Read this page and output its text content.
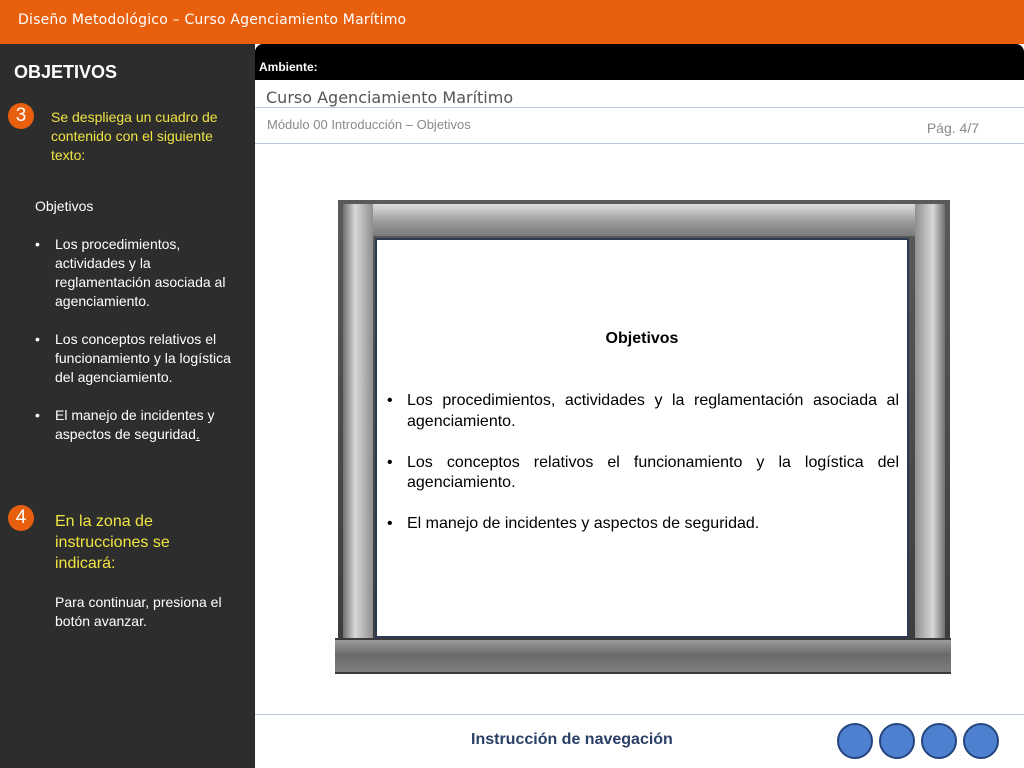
Diseño Metodológico – Curso Agenciamiento Marítimo
OBJETIVOS
3	Se despliega un cuadro de contenido con el siguiente texto:
Objetivos
• Los procedimientos, actividades y la reglamentación asociada al agenciamiento.
• Los conceptos relativos el funcionamiento y la logística del agenciamiento.
• El manejo de incidentes y aspectos de seguridad.
4	En la zona de instrucciones se indicará:
Para continuar, presiona el botón avanzar.
Ambiente:
Curso Agenciamiento Marítimo
Módulo 00 Introducción – Objetivos	Pág. 4/7
Objetivos
• Los procedimientos, actividades y la reglamentación asociada al agenciamiento.
• Los conceptos relativos el funcionamiento y la logística del agenciamiento.
• El manejo de incidentes y aspectos de seguridad.
Instrucción de navegación
